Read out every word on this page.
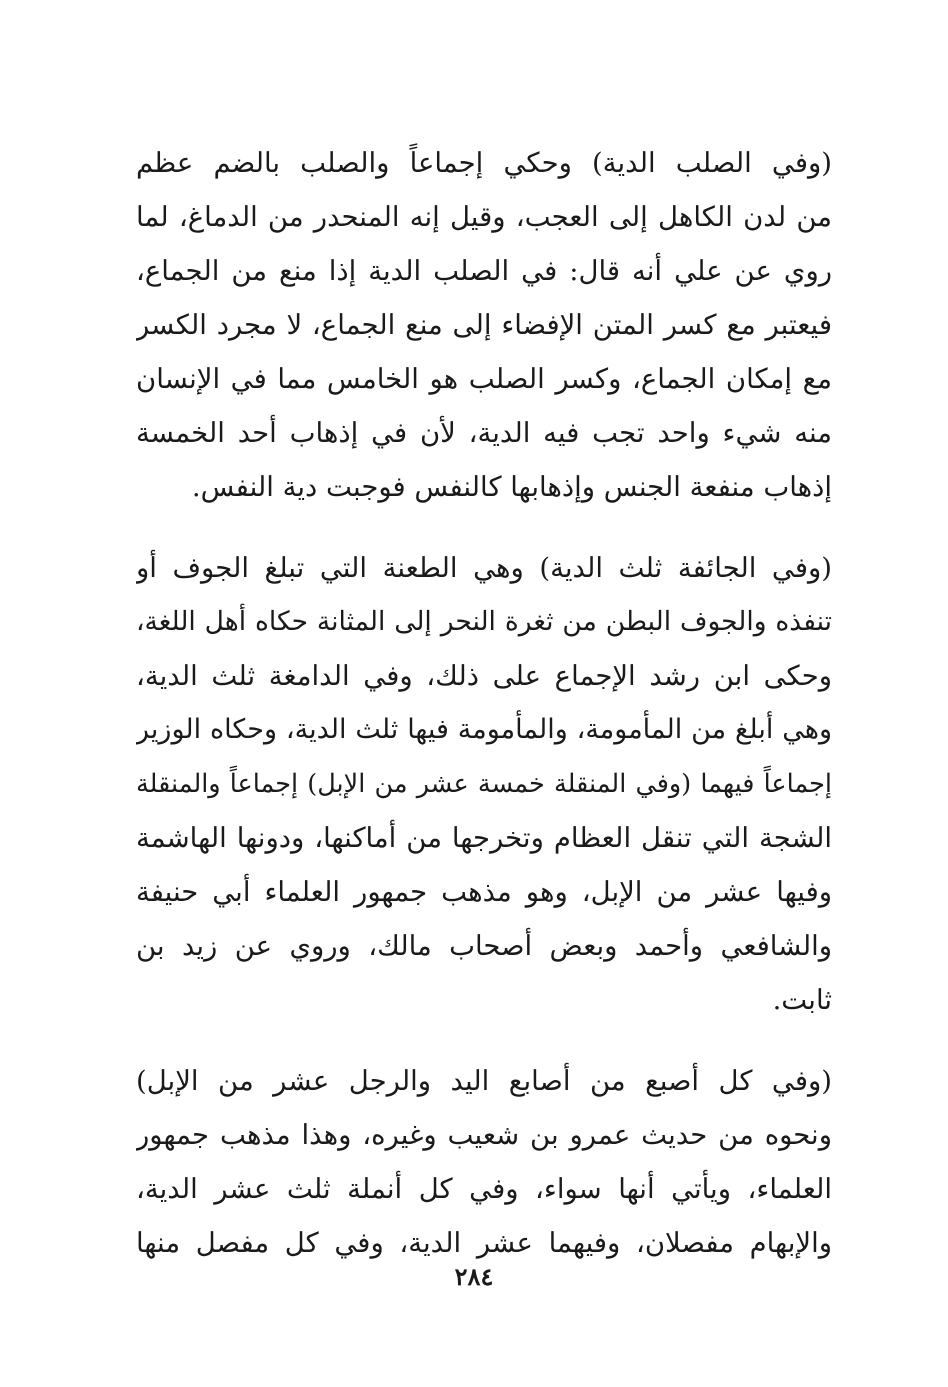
(وفي الصلب الدية) وحكي إجماعاً والصلب بالضم عظم
من لدن الكاهل إلى العجب، وقيل إنه المنحدر من الدماغ، لما
روي عن علي أنه قال: في الصلب الدية إذا منع من الجماع،
فيعتبر مع كسر المتن الإفضاء إلى منع الجماع، لا مجرد الكسر
مع إمكان الجماع، وكسر الصلب هو الخامس مما في الإنسان
منه شيء واحد تجب فيه الدية، لأن في إذهاب أحد الخمسة
إذهاب منفعة الجنس وإذهابها كالنفس فوجبت دية النفس.
(وفي الجائفة ثلث الدية) وهي الطعنة التي تبلغ الجوف أو
تنفذه والجوف البطن من ثغرة النحر إلى المثانة حكاه أهل اللغة،
وحكى ابن رشد الإجماع على ذلك، وفي الدامغة ثلث الدية،
وهي أبلغ من المأمومة، والمأمومة فيها ثلث الدية، وحكاه الوزير
إجماعاً فيهما (وفي المنقلة خمسة عشر من الإبل) إجماعاً والمنقلة
الشجة التي تنقل العظام وتخرجها من أماكنها، ودونها الهاشمة
وفيها عشر من الإبل، وهو مذهب جمهور العلماء أبي حنيفة
والشافعي وأحمد وبعض أصحاب مالك، وروي عن زيد بن
ثابت.
(وفي كل أصبع من أصابع اليد والرجل عشر من الإبل)
ونحوه من حديث عمرو بن شعيب وغيره، وهذا مذهب جمهور
العلماء، ويأتي أنها سواء، وفي كل أنملة ثلث عشر الدية،
والإبهام مفصلان، وفيهما عشر الدية، وفي كل مفصل منها
٢٨٤
